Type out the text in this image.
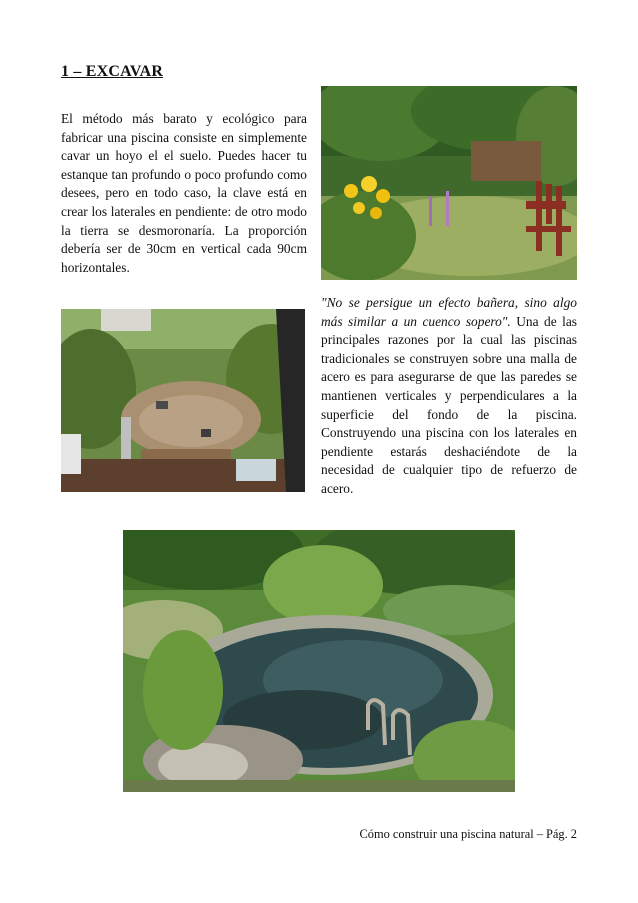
1 – EXCAVAR
El método más barato y ecológico para fabricar una piscina consiste en simplemente cavar un hoyo el el suelo. Puedes hacer tu estanque tan profundo o poco profundo como desees, pero en todo caso, la clave está en crear los laterales en pendiente: de otro modo la tierra se desmoronaría. La proporción debería ser de 30cm en vertical cada 90cm horizontales.
"No se persigue un efecto bañera, sino algo más similar a un cuenco sopero". Una de las principales razones por la cual las piscinas tradicionales se construyen sobre una malla de acero es para asegurarse de que las paredes se mantienen verticales y perpendiculares a la superficie del fondo de la piscina. Construyendo una piscina con los laterales en pendiente estarás deshaciéndote de la necesidad de cualquier tipo de refuerzo de acero.
Cómo construir una piscina natural – Pág. 2
